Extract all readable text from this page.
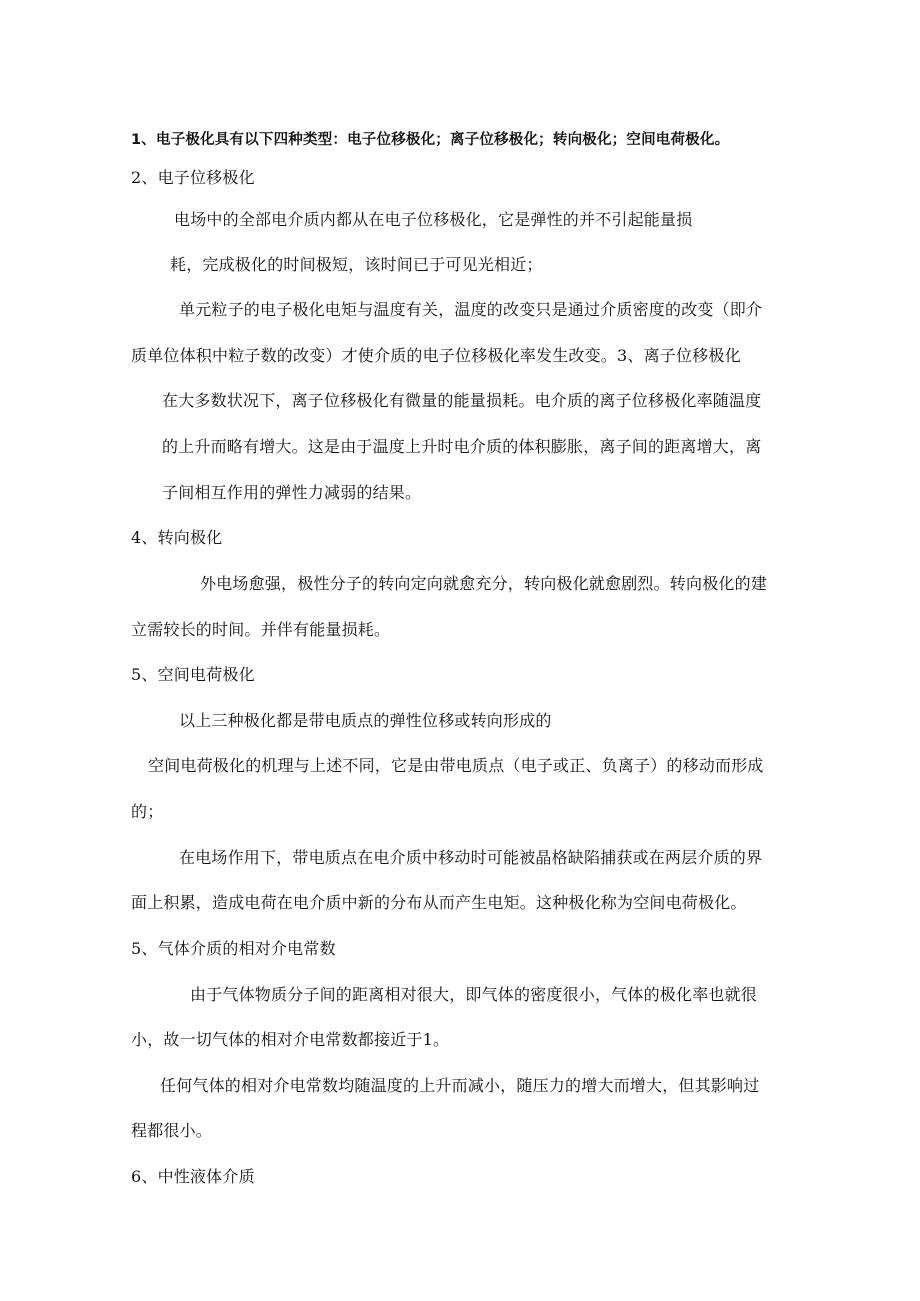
1、电子极化具有以下四种类型：电子位移极化；离子位移极化；转向极化；空间电荷极化。
2、电子位移极化
电场中的全部电介质内都从在电子位移极化，它是弹性的并不引起能量损
耗，完成极化的时间极短，该时间已于可见光相近；
单元粒子的电子极化电矩与温度有关，温度的改变只是通过介质密度的改变（即介
质单位体积中粒子数的改变）才使介质的电子位移极化率发生改变。3、离子位移极化
在大多数状况下，离子位移极化有微量的能量损耗。电介质的离子位移极化率随温度
的上升而略有增大。这是由于温度上升时电介质的体积膨胀，离子间的距离增大，离
子间相互作用的弹性力减弱的结果。
4、转向极化
外电场愈强，极性分子的转向定向就愈充分，转向极化就愈剧烈。转向极化的建
立需较长的时间。并伴有能量损耗。
5、空间电荷极化
以上三种极化都是带电质点的弹性位移或转向形成的
空间电荷极化的机理与上述不同，它是由带电质点（电子或正、负离子）的移动而形成
的；
在电场作用下，带电质点在电介质中移动时可能被晶格缺陷捕获或在两层介质的界
面上积累，造成电荷在电介质中新的分布从而产生电矩。这种极化称为空间电荷极化。
5、气体介质的相对介电常数
由于气体物质分子间的距离相对很大，即气体的密度很小，气体的极化率也就很
小，故一切气体的相对介电常数都接近于1。
任何气体的相对介电常数均随温度的上升而减小，随压力的增大而增大，但其影响过
程都很小。
6、中性液体介质
